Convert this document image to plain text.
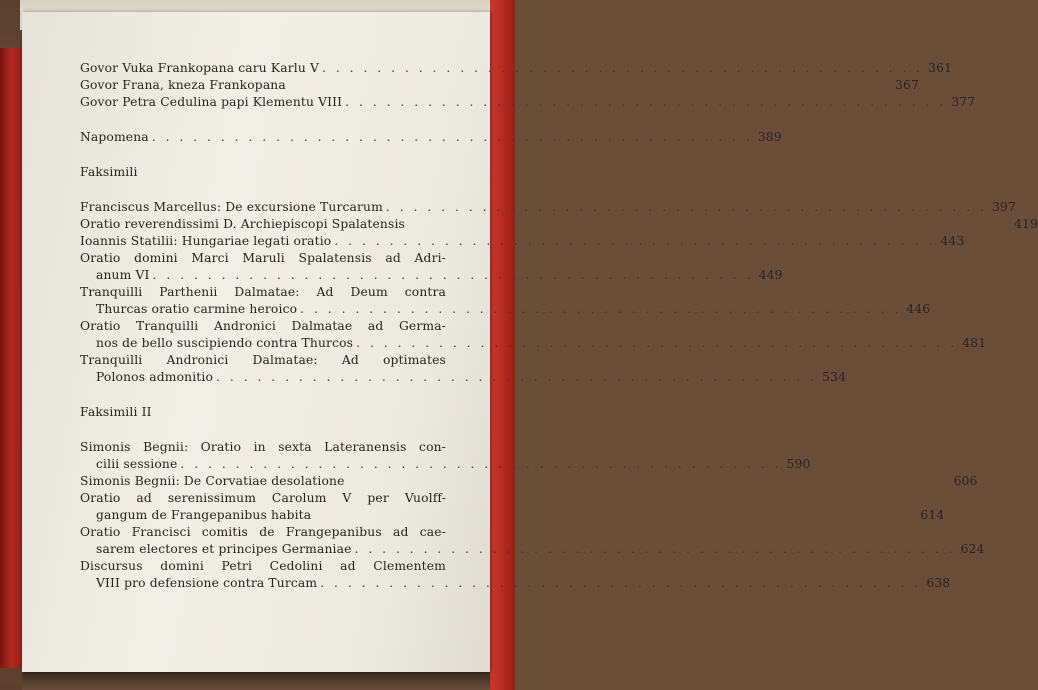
Govor Vuka Frankopana caru Karlu V . . .	361
Govor Frana, kneza Frankopana	367
Govor Petra Cedulina papi Klementu VIII . . .	377
Napomena . . .	389

Faksimili

Franciscus Marcellus: De excursione Turcarum . . .	397
Oratio reverendissimi D. Archiepiscopi Spalatensis	419
Ioannis Statilii: Hungariae legati oratio . . .	443
Oratio domini Marci Maruli Spalatensis ad Adri-
anum VI . . .	449
Tranquilli Parthenii Dalmatae: Ad Deum contra
Thurcas oratio carmine heroico . . .	446
Oratio Tranquilli Andronici Dalmatae ad Germa-
nos de bello suscipiendo contra Thurcos . . .	481
Tranquilli Andronici Dalmatae: Ad optimates
Polonos admonitio . . .	534

Faksimili II

Simonis Begnii: Oratio in sexta Lateranensis con-
cilii sessione . . .	590
Simonis Begnii: De Corvatiae desolatione	606
Oratio ad serenissimum Carolum V per Vuolff-
gangum de Frangepanibus habita	614
Oratio Francisci comitis de Frangepanibus ad cae-
sarem electores et principes Germaniae . . .	624
Discursus domini Petri Cedolini ad Clementem
VIII pro defensione contra Turcam . . .	638
